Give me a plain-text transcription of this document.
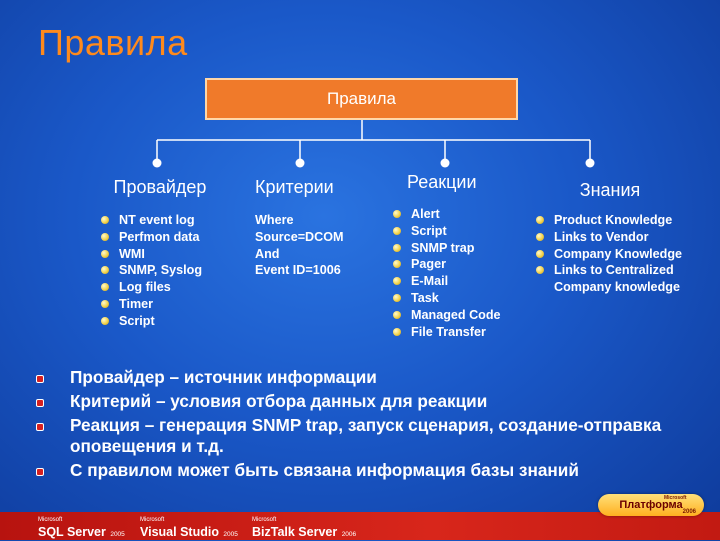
Правила
Правила
Провайдер
NT event log
Perfmon data
WMI
SNMP, Syslog
Log files
Timer
Script
Критерии
Where
Source=DCOM
And
Event ID=1006
Реакции
Alert
Script
SNMP trap
Pager
E-Mail
Task
Managed Code
File Transfer
Знания
Product Knowledge
Links to Vendor
Company Knowledge
Links to Centralized Company knowledge
Провайдер – источник информации
Критерий – условия отбора данных для реакции
Реакция – генерация SNMP trap, запуск сценария, создание-отправка оповещения и т.д.
С правилом может быть связана информация базы знаний
Microsoft
SQL Server 2005
Microsoft
Visual Studio 2005
Microsoft
BizTalk Server 2006
Microsoft
Платформа
2006
